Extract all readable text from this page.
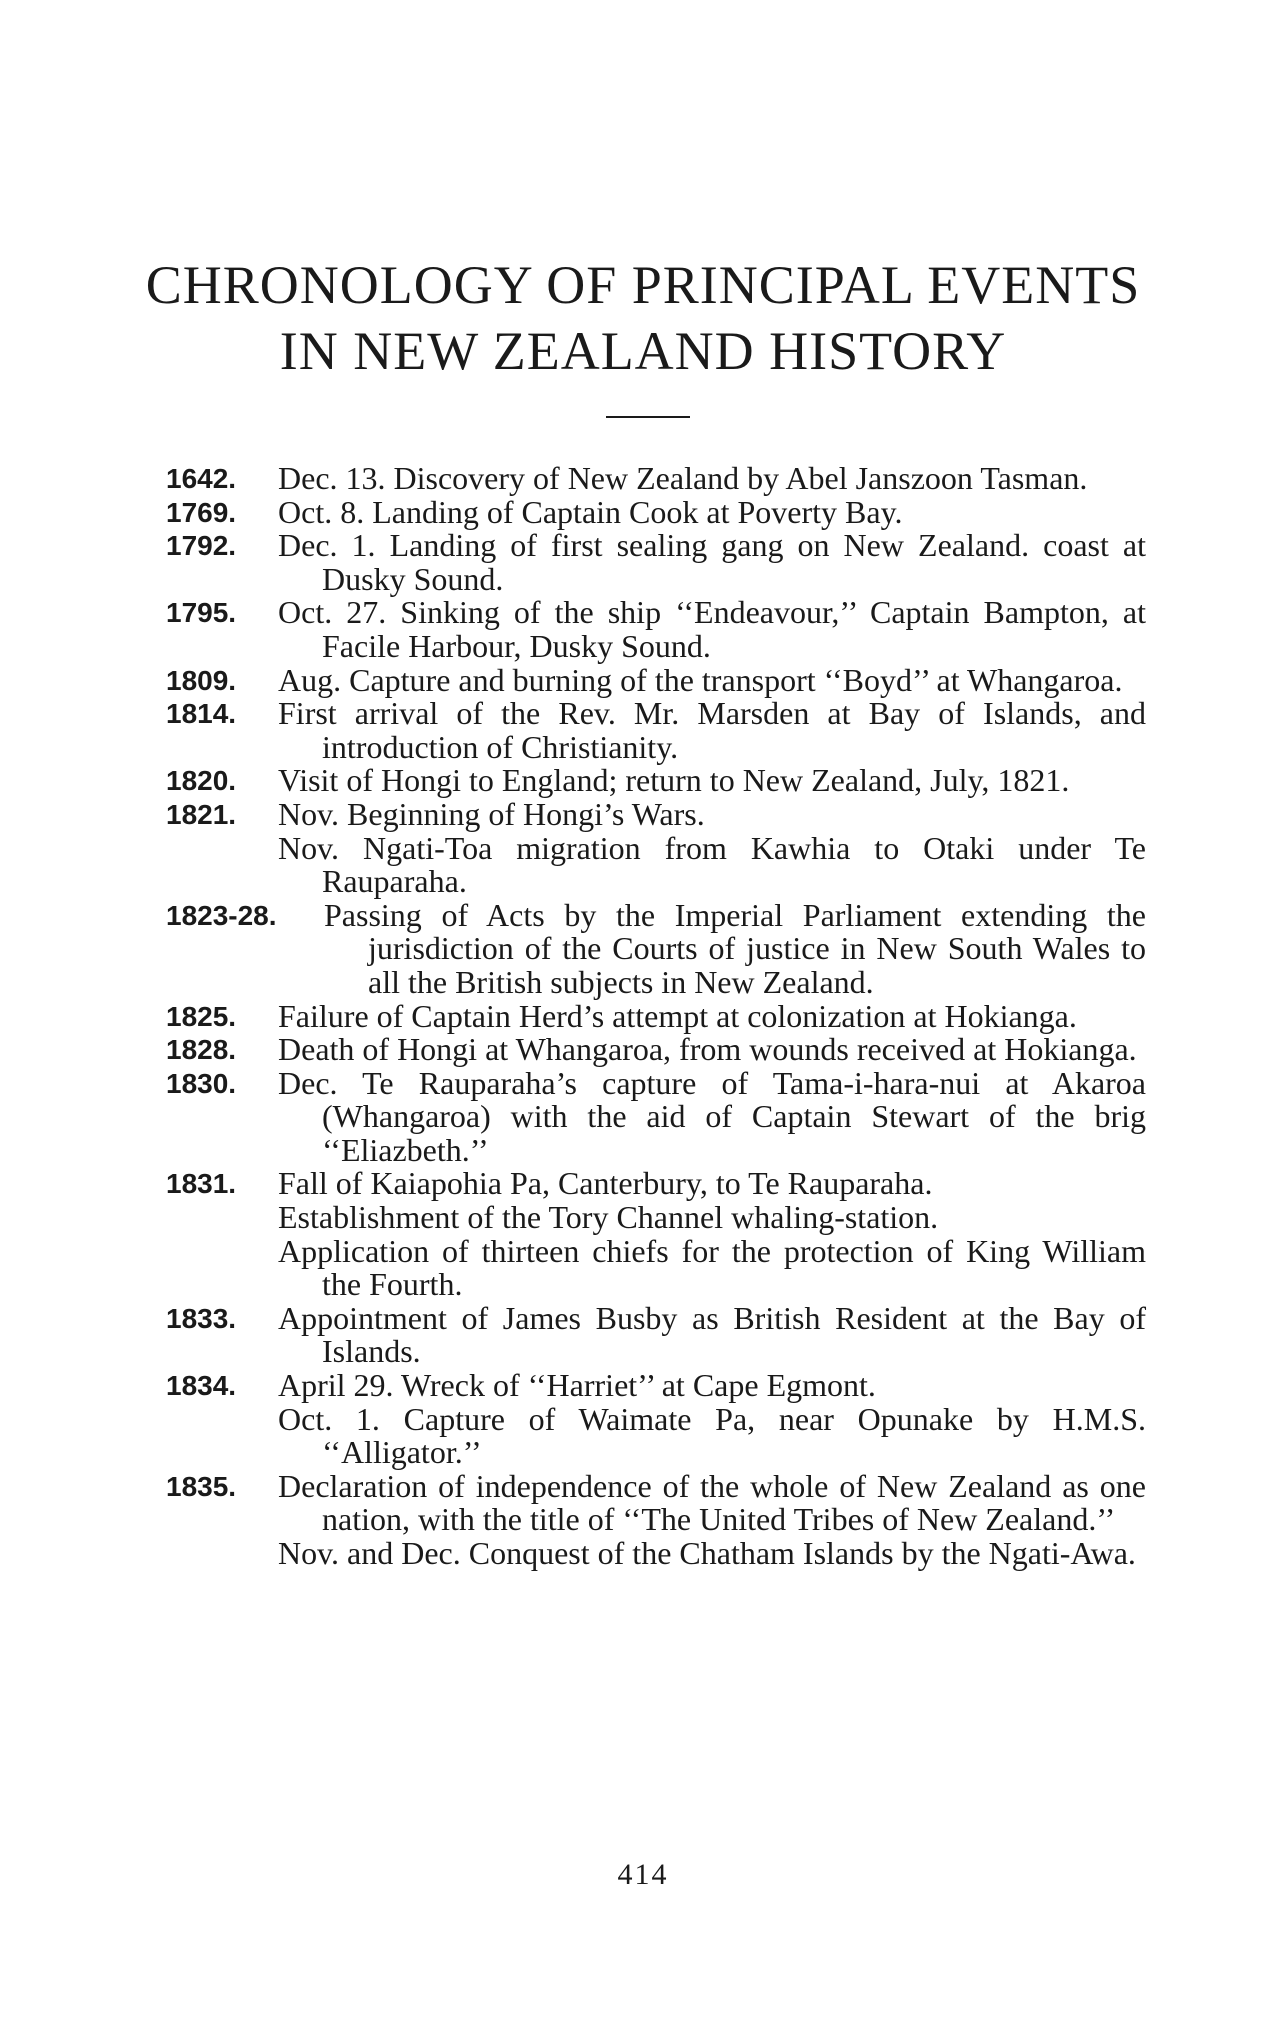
CHRONOLOGY OF PRINCIPAL EVENTS
IN NEW ZEALAND HISTORY
1642. Dec. 13. Discovery of New Zealand by Abel Janszoon Tasman.
1769. Oct. 8. Landing of Captain Cook at Poverty Bay.
1792. Dec. 1. Landing of first sealing gang on New Zealand. coast at Dusky Sound.
1795. Oct. 27. Sinking of the ship ‘‘Endeavour,’’ Captain Bampton, at Facile Harbour, Dusky Sound.
1809. Aug. Capture and burning of the transport ‘‘Boyd’’ at Whangaroa.
1814. First arrival of the Rev. Mr. Marsden at Bay of Islands, and introduction of Christianity.
1820. Visit of Hongi to England; return to New Zealand, July, 1821.
1821. Nov. Beginning of Hongi’s Wars.
Nov. Ngati-Toa migration from Kawhia to Otaki under Te Rauparaha.
1823-28. Passing of Acts by the Imperial Parliament extending the jurisdiction of the Courts of justice in New South Wales to all the British subjects in New Zealand.
1825. Failure of Captain Herd’s attempt at colonization at Hokianga.
1828. Death of Hongi at Whangaroa, from wounds received at Hokianga.
1830. Dec. Te Rauparaha’s capture of Tama-i-hara-nui at Akaroa (Whangaroa) with the aid of Captain Stewart of the brig ‘‘Eliazbeth.’’
1831. Fall of Kaiapohia Pa, Canterbury, to Te Rauparaha.
Establishment of the Tory Channel whaling-station.
Application of thirteen chiefs for the protection of King William the Fourth.
1833. Appointment of James Busby as British Resident at the Bay of Islands.
1834. April 29. Wreck of ‘‘Harriet’’ at Cape Egmont.
Oct. 1. Capture of Waimate Pa, near Opunake by H.M.S. ‘‘Alligator.’’
1835. Declaration of independence of the whole of New Zealand as one nation, with the title of ‘‘The United Tribes of New Zealand.’’
Nov. and Dec. Conquest of the Chatham Islands by the Ngati-Awa.
414
